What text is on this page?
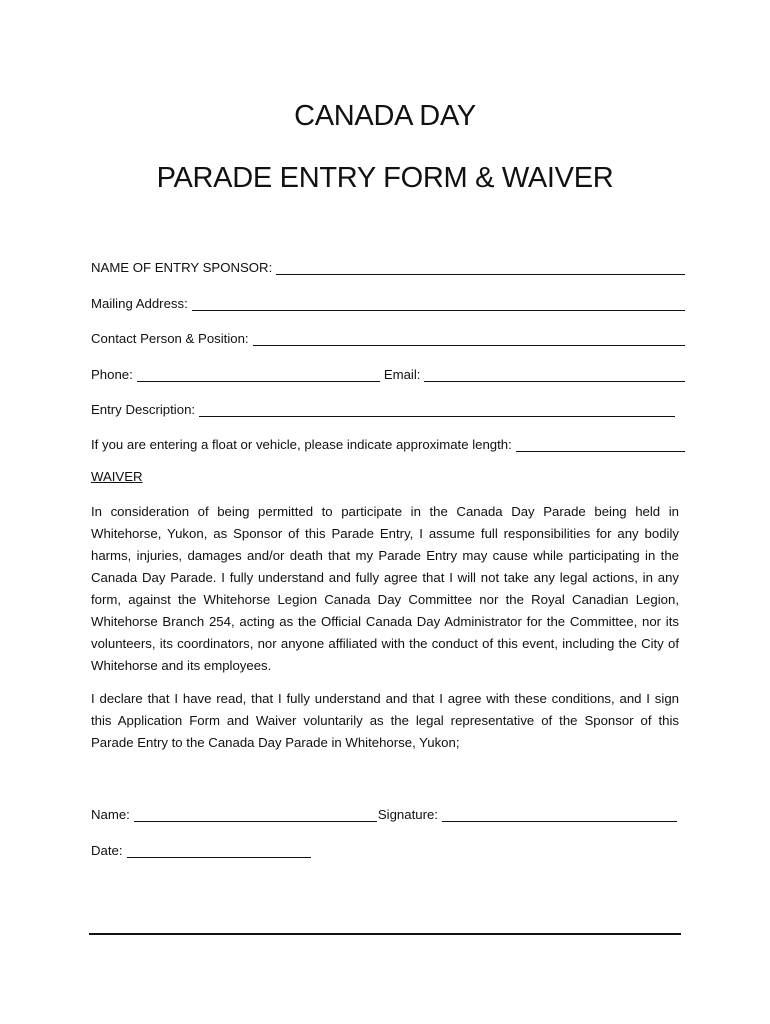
CANADA DAY
PARADE ENTRY FORM & WAIVER
NAME OF ENTRY SPONSOR:
Mailing Address:
Contact Person & Position:
Phone:	Email:
Entry Description:
If you are entering a float or vehicle, please indicate approximate length:
WAIVER

In consideration of being permitted to participate in the Canada Day Parade being held in Whitehorse, Yukon, as Sponsor of this Parade Entry, I assume full responsibilities for any bodily harms, injuries, damages and/or death that my Parade Entry may cause while participating in the Canada Day Parade. I fully understand and fully agree that I will not take any legal actions, in any form, against the Whitehorse Legion Canada Day Committee nor the Royal Canadian Legion, Whitehorse Branch 254, acting as the Official Canada Day Administrator for the Committee, nor its volunteers, its coordinators, nor anyone affiliated with the conduct of this event, including the City of Whitehorse and its employees.

I declare that I have read, that I fully understand and that I agree with these conditions, and I sign this Application Form and Waiver voluntarily as the legal representative of the Sponsor of this Parade Entry to the Canada Day Parade in Whitehorse, Yukon;

Name:	Signature:
Date:
